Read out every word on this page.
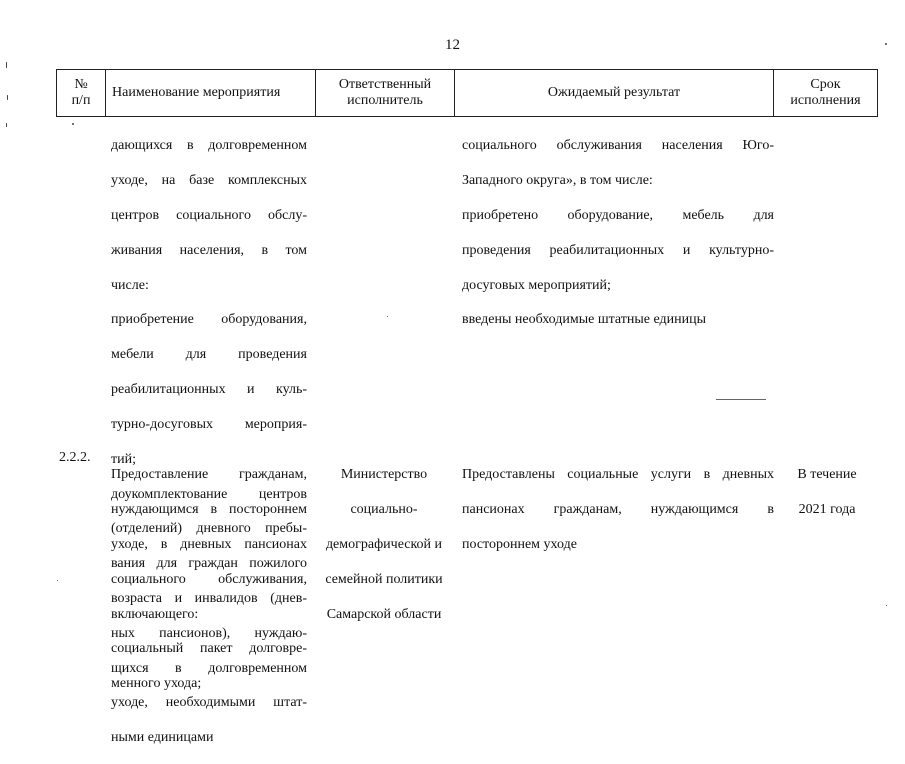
12
№
п/п
Наименование мероприятия
Ответственный
исполнитель
Ожидаемый результат
Срок
исполнения

дающихся в долговременном

уходе, на базе комплексных

центров социального обслу-

живания населения, в том

числе:

приобретение оборудования,

мебели для проведения

реабилитационных и куль-

турно-досуговых мероприя-

тий;

доукомплектование центров

(отделений) дневного пребы-

вания для граждан пожилого

возраста и инвалидов (днев-

ных пансионов), нуждаю-

щихся в долговременном

уходе, необходимыми штат-

ными единицами

социального обслуживания населения Юго-

Западного округа», в том числе:

приобретено оборудование, мебель для

проведения реабилитационных и культурно-

досуговых мероприятий;

введены необходимые штатные единицы

2.2.2.

Предоставление гражданам,

нуждающимся в постороннем

уходе, в дневных пансионах

социального обслуживания,

включающего:

социальный пакет долговре-

менного ухода;

Министерство

социально-

демографической и

семейной политики

Самарской области

Предоставлены социальные услуги в дневных

пансионах гражданам, нуждающимся в

постороннем уходе

В течение

2021 года
